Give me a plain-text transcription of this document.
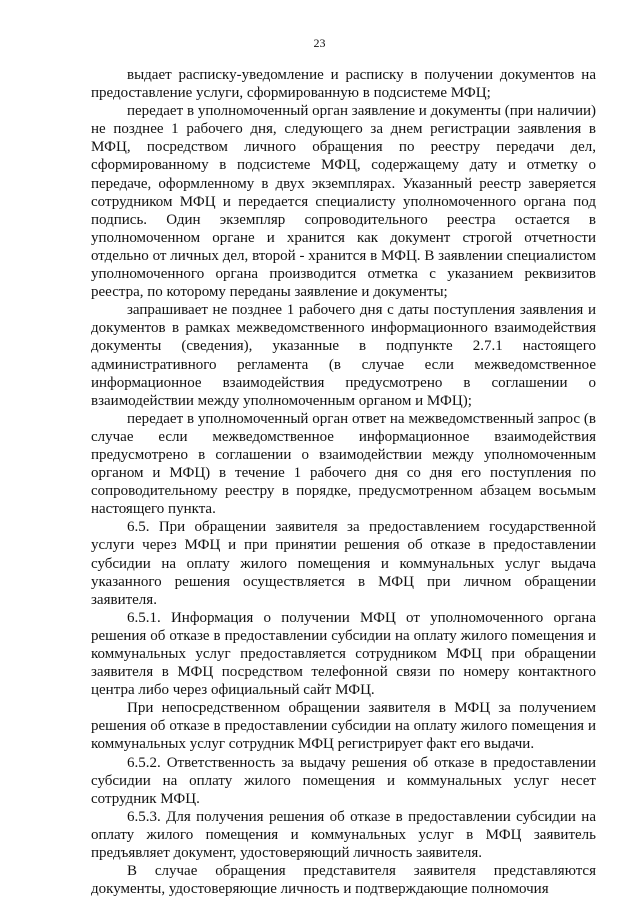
23

выдает расписку-уведомление и расписку в получении документов на предоставление услуги, сформированную в подсистеме МФЦ;

передает в уполномоченный орган заявление и документы (при наличии) не позднее 1 рабочего дня, следующего за днем регистрации заявления в МФЦ, посредством личного обращения по реестру передачи дел, сформированному в подсистеме МФЦ, содержащему дату и отметку о передаче, оформленному в двух экземплярах. Указанный реестр заверяется сотрудником МФЦ и передается специалисту уполномоченного органа под подпись. Один экземпляр сопроводительного реестра остается в уполномоченном органе и хранится как документ строгой отчетности отдельно от личных дел, второй - хранится в МФЦ. В заявлении специалистом уполномоченного органа производится отметка с указанием реквизитов реестра, по которому переданы заявление и документы;

запрашивает не позднее 1 рабочего дня с даты поступления заявления и документов в рамках межведомственного информационного взаимодействия документы (сведения), указанные в подпункте 2.7.1 настоящего административного регламента (в случае если межведомственное информационное взаимодействия предусмотрено в соглашении о взаимодействии между уполномоченным органом и МФЦ);

передает в уполномоченный орган ответ на межведомственный запрос (в случае если межведомственное информационное взаимодействия предусмотрено в соглашении о взаимодействии между уполномоченным органом и МФЦ) в течение 1 рабочего дня со дня его поступления по сопроводительному реестру в порядке, предусмотренном абзацем восьмым настоящего пункта.

6.5. При обращении заявителя за предоставлением государственной услуги через МФЦ и при принятии решения об отказе в предоставлении субсидии на оплату жилого помещения и коммунальных услуг выдача указанного решения осуществляется в МФЦ при личном обращении заявителя.

6.5.1. Информация о получении МФЦ от уполномоченного органа решения об отказе в предоставлении субсидии на оплату жилого помещения и коммунальных услуг предоставляется сотрудником МФЦ при обращении заявителя в МФЦ посредством телефонной связи по номеру контактного центра либо через официальный сайт МФЦ.

При непосредственном обращении заявителя в МФЦ за получением решения об отказе в предоставлении субсидии на оплату жилого помещения и коммунальных услуг сотрудник МФЦ регистрирует факт его выдачи.

6.5.2. Ответственность за выдачу решения об отказе в предоставлении субсидии на оплату жилого помещения и коммунальных услуг несет сотрудник МФЦ.

6.5.3. Для получения решения об отказе в предоставлении субсидии на оплату жилого помещения и коммунальных услуг в МФЦ заявитель предъявляет документ, удостоверяющий личность заявителя.

В случае обращения представителя заявителя представляются документы, удостоверяющие личность и подтверждающие полномочия
